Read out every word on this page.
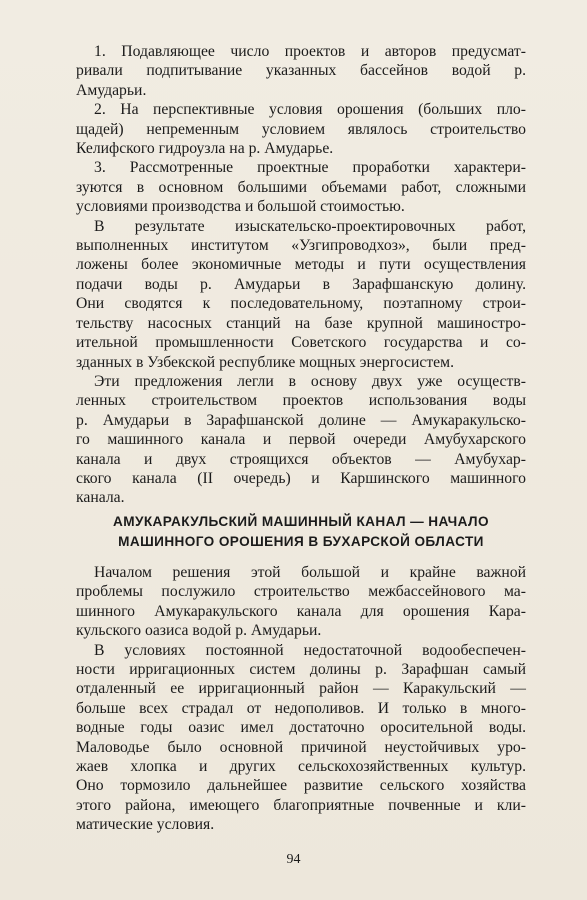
1. Подавляющее число проектов и авторов предусмат-
ривали подпитывание указанных бассейнов водой р.
Амударьи.
2. На перспективные условия орошения (больших пло-
щадей) непременным условием являлось строительство
Келифского гидроузла на р. Амударье.
3. Рассмотренные проектные проработки характери-
зуются в основном большими объемами работ, сложными
условиями производства и большой стоимостью.
В результате изыскательско-проектировочных работ,
выполненных институтом «Узгипроводхоз», были пред-
ложены более экономичные методы и пути осуществления
подачи воды р. Амударьи в Зарафшанскую долину.
Они сводятся к последовательному, поэтапному строи-
тельству насосных станций на базе крупной машиностро-
ительной промышленности Советского государства и со-
зданных в Узбекской республике мощных энергосистем.
Эти предложения легли в основу двух уже осуществ-
ленных строительством проектов использования воды
р. Амударьи в Зарафшанской долине — Амукаракульско-
го машинного канала и первой очереди Амубухарского
канала и двух строящихся объектов — Амубухар-
ского канала (II очередь) и Каршинского машинного
канала.
АМУКАРАКУЛЬСКИЙ МАШИННЫЙ КАНАЛ — НАЧАЛО
МАШИННОГО ОРОШЕНИЯ В БУХАРСКОЙ ОБЛАСТИ
Началом решения этой большой и крайне важной
проблемы послужило строительство межбассейнового ма-
шинного Амукаракульского канала для орошения Кара-
кульского оазиса водой р. Амударьи.
В условиях постоянной недостаточной водообеспечен-
ности ирригационных систем долины р. Зарафшан самый
отдаленный ее ирригационный район — Каракульский —
больше всех страдал от недополивов. И только в много-
водные годы оазис имел достаточно оросительной воды.
Маловодье было основной причиной неустойчивых уро-
жаев хлопка и других сельскохозяйственных культур.
Оно тормозило дальнейшее развитие сельского хозяйства
этого района, имеющего благоприятные почвенные и кли-
матические условия.
94
